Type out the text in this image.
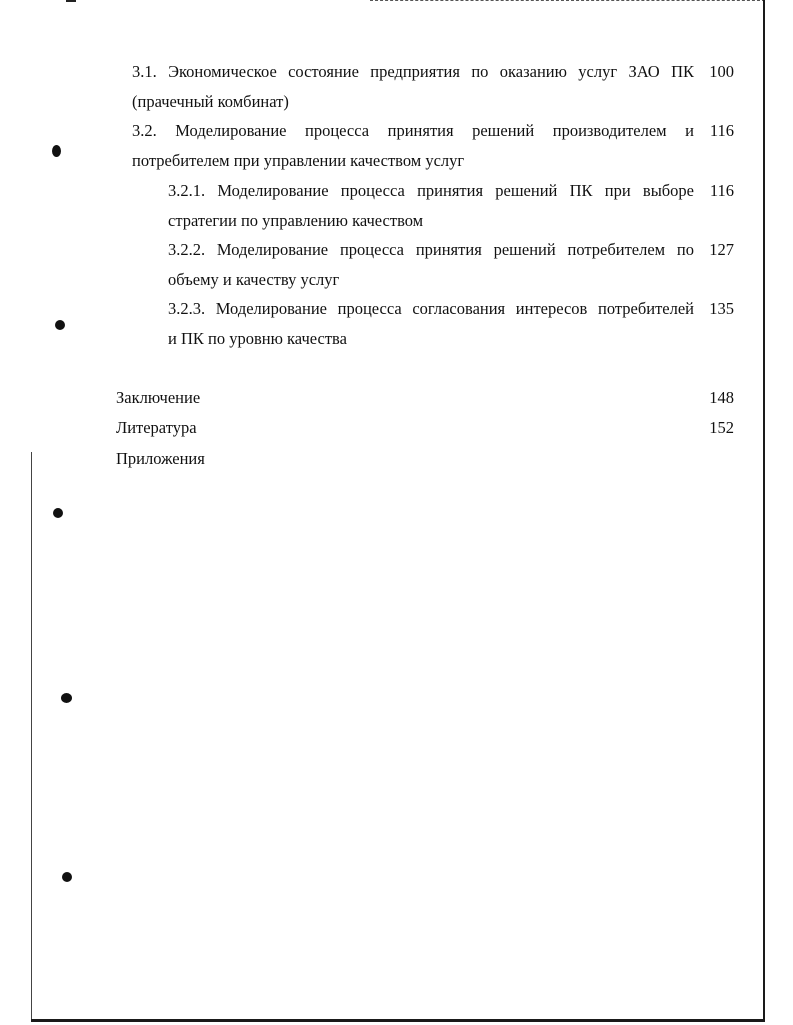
3.1. Экономическое состояние предприятия по оказанию услуг ЗАО ПК
(прачечный комбинат)
100
3.2. Моделирование процесса принятия решений производителем и
потребителем при управлении качеством услуг
116
3.2.1. Моделирование процесса принятия решений ПК при выборе
стратегии по управлению качеством
116
3.2.2. Моделирование процесса принятия решений потребителем по
объему и качеству услуг
127
3.2.3. Моделирование процесса согласования интересов потребителей
и ПК по уровню качества
135
Заключение	148
Литература	152
Приложения
